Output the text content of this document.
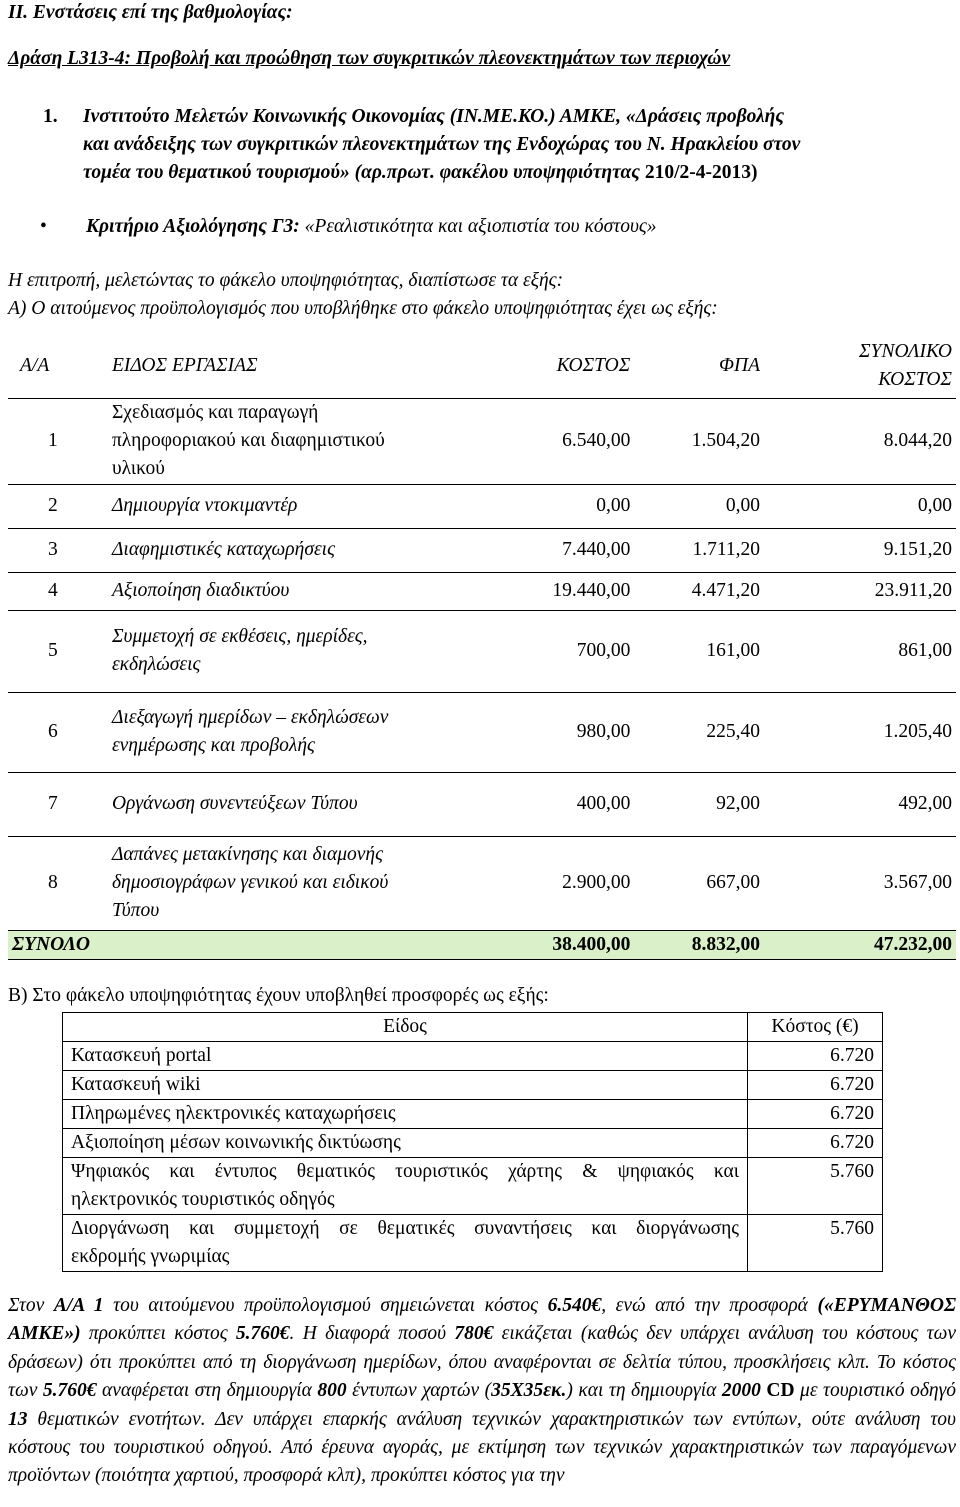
ΙΙ. Ενστάσεις επί της βαθμολογίας:
Δράση L313-4: Προβολή και προώθηση των συγκριτικών πλεονεκτημάτων των περιοχών
1. Ινστιτούτο Μελετών Κοινωνικής Οικονομίας (ΙΝ.ΜΕ.ΚΟ.) ΑΜΚΕ, «Δράσεις προβολής
και ανάδειξης των συγκριτικών πλεονεκτημάτων της Ενδοχώρας του Ν. Ηρακλείου στον
τομέα του θεματικού τουρισμού» (αρ.πρωτ. φακέλου υποψηφιότητας 210/2-4-2013)
• Κριτήριο Αξιολόγησης Γ3: «Ρεαλιστικότητα και αξιοπιστία του κόστους»
Η επιτροπή, μελετώντας το φάκελο υποψηφιότητας, διαπίστωσε τα εξής:
Α) Ο αιτούμενος προϋπολογισμός που υποβλήθηκε στο φάκελο υποψηφιότητας έχει ως εξής:
Α/Α	ΕΙΔΟΣ ΕΡΓΑΣΙΑΣ	ΚΟΣΤΟΣ	ΦΠΑ	ΣΥΝΟΛΙΚΟ
ΚΟΣΤΟΣ

1	Σχεδιασμός και παραγωγή
πληροφοριακού και διαφημιστικού
υλικού	6.540,00	1.504,20	8.044,20
2	Δημιουργία ντοκιμαντέρ	0,00	0,00	0,00
3	Διαφημιστικές καταχωρήσεις	7.440,00	1.711,20	9.151,20
4	Αξιοποίηση διαδικτύου	19.440,00	4.471,20	23.911,20
5	Συμμετοχή σε εκθέσεις, ημερίδες,
εκδηλώσεις	700,00	161,00	861,00
6	Διεξαγωγή ημερίδων – εκδηλώσεων
ενημέρωσης και προβολής	980,00	225,40	1.205,40
7	Οργάνωση συνεντεύξεων Τύπου	400,00	92,00	492,00
8	Δαπάνες μετακίνησης και διαμονής
δημοσιογράφων γενικού και ειδικού
Τύπου	2.900,00	667,00	3.567,00
ΣΥΝΟΛΟ		38.400,00	8.832,00	47.232,00
Β) Στο φάκελο υποψηφιότητας έχουν υποβληθεί προσφορές ως εξής:
Είδος	Κόστος (€)
Κατασκευή portal	6.720
Κατασκευή wiki	6.720
Πληρωμένες ηλεκτρονικές καταχωρήσεις	6.720
Αξιοποίηση μέσων κοινωνικής δικτύωσης	6.720

Ψηφιακός και έντυπος θεματικός τουριστικός χάρτης & ψηφιακός και
ηλεκτρονικός τουριστικός οδηγός	5.760

Διοργάνωση και συμμετοχή σε θεματικές συναντήσεις και διοργάνωσης
εκδρομής γνωριμίας	5.760
Στον Α/Α 1 του αιτούμενου προϋπολογισμού σημειώνεται κόστος 6.540€, ενώ από την προσφορά («ΕΡΥΜΑΝΘΟΣ ΑΜΚΕ») προκύπτει κόστος 5.760€. Η διαφορά ποσού 780€ εικάζεται (καθώς δεν υπάρχει ανάλυση του κόστους των δράσεων) ότι προκύπτει από τη διοργάνωση ημερίδων, όπου αναφέρονται σε δελτία τύπου, προσκλήσεις κλπ. Το κόστος των 5.760€ αναφέρεται στη δημιουργία 800 έντυπων χαρτών (35Χ35εκ.) και τη δημιουργία 2000 CD με τουριστικό οδηγό 13 θεματικών ενοτήτων. Δεν υπάρχει επαρκής ανάλυση τεχνικών χαρακτηριστικών των εντύπων, ούτε ανάλυση του κόστους του τουριστικού οδηγού. Από έρευνα αγοράς, με εκτίμηση των τεχνικών χαρακτηριστικών των παραγόμενων προϊόντων (ποιότητα χαρτιού, προσφορά κλπ), προκύπτει κόστος για την
